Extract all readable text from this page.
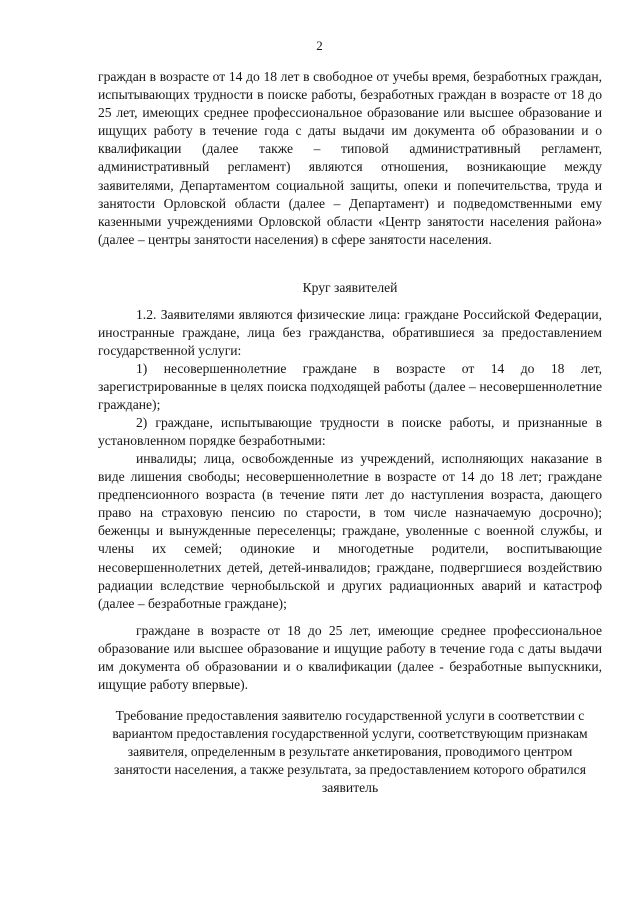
2

граждан в возрасте от 14 до 18 лет в свободное от учебы время, безработных граждан, испытывающих трудности в поиске работы, безработных граждан в возрасте от 18 до 25 лет, имеющих среднее профессиональное образование или высшее образование и ищущих работу в течение года с даты выдачи им документа об образовании и о квалификации (далее также – типовой административный регламент, административный регламент) являются отношения, возникающие между заявителями, Департаментом социальной защиты, опеки и попечительства, труда и занятости Орловской области (далее – Департамент) и подведомственными ему казенными учреждениями Орловской области «Центр занятости населения района» (далее – центры занятости населения) в сфере занятости населения.

Круг заявителей

1.2. Заявителями являются физические лица: граждане Российской Федерации, иностранные граждане, лица без гражданства, обратившиеся за предоставлением государственной услуги:

1) несовершеннолетние граждане в возрасте от 14 до 18 лет, зарегистрированные в целях поиска подходящей работы (далее – несовершеннолетние граждане);

2) граждане, испытывающие трудности в поиске работы, и признанные в установленном порядке безработными:

инвалиды; лица, освобожденные из учреждений, исполняющих наказание в виде лишения свободы; несовершеннолетние в возрасте от 14 до 18 лет; граждане предпенсионного возраста (в течение пяти лет до наступления возраста, дающего право на страховую пенсию по старости, в том числе назначаемую досрочно); беженцы и вынужденные переселенцы; граждане, уволенные с военной службы, и члены их семей; одинокие и многодетные родители, воспитывающие несовершеннолетних детей, детей-инвалидов; граждане, подвергшиеся воздействию радиации вследствие чернобыльской и других радиационных аварий и катастроф (далее – безработные граждане);

граждане в возрасте от 18 до 25 лет, имеющие среднее профессиональное образование или высшее образование и ищущие работу в течение года с даты выдачи им документа об образовании и о квалификации (далее - безработные выпускники, ищущие работу впервые).

Требование предоставления заявителю государственной услуги в соответствии с вариантом предоставления государственной услуги, соответствующим признакам заявителя, определенным в результате анкетирования, проводимого центром занятости населения, а также результата, за предоставлением которого обратился заявитель
